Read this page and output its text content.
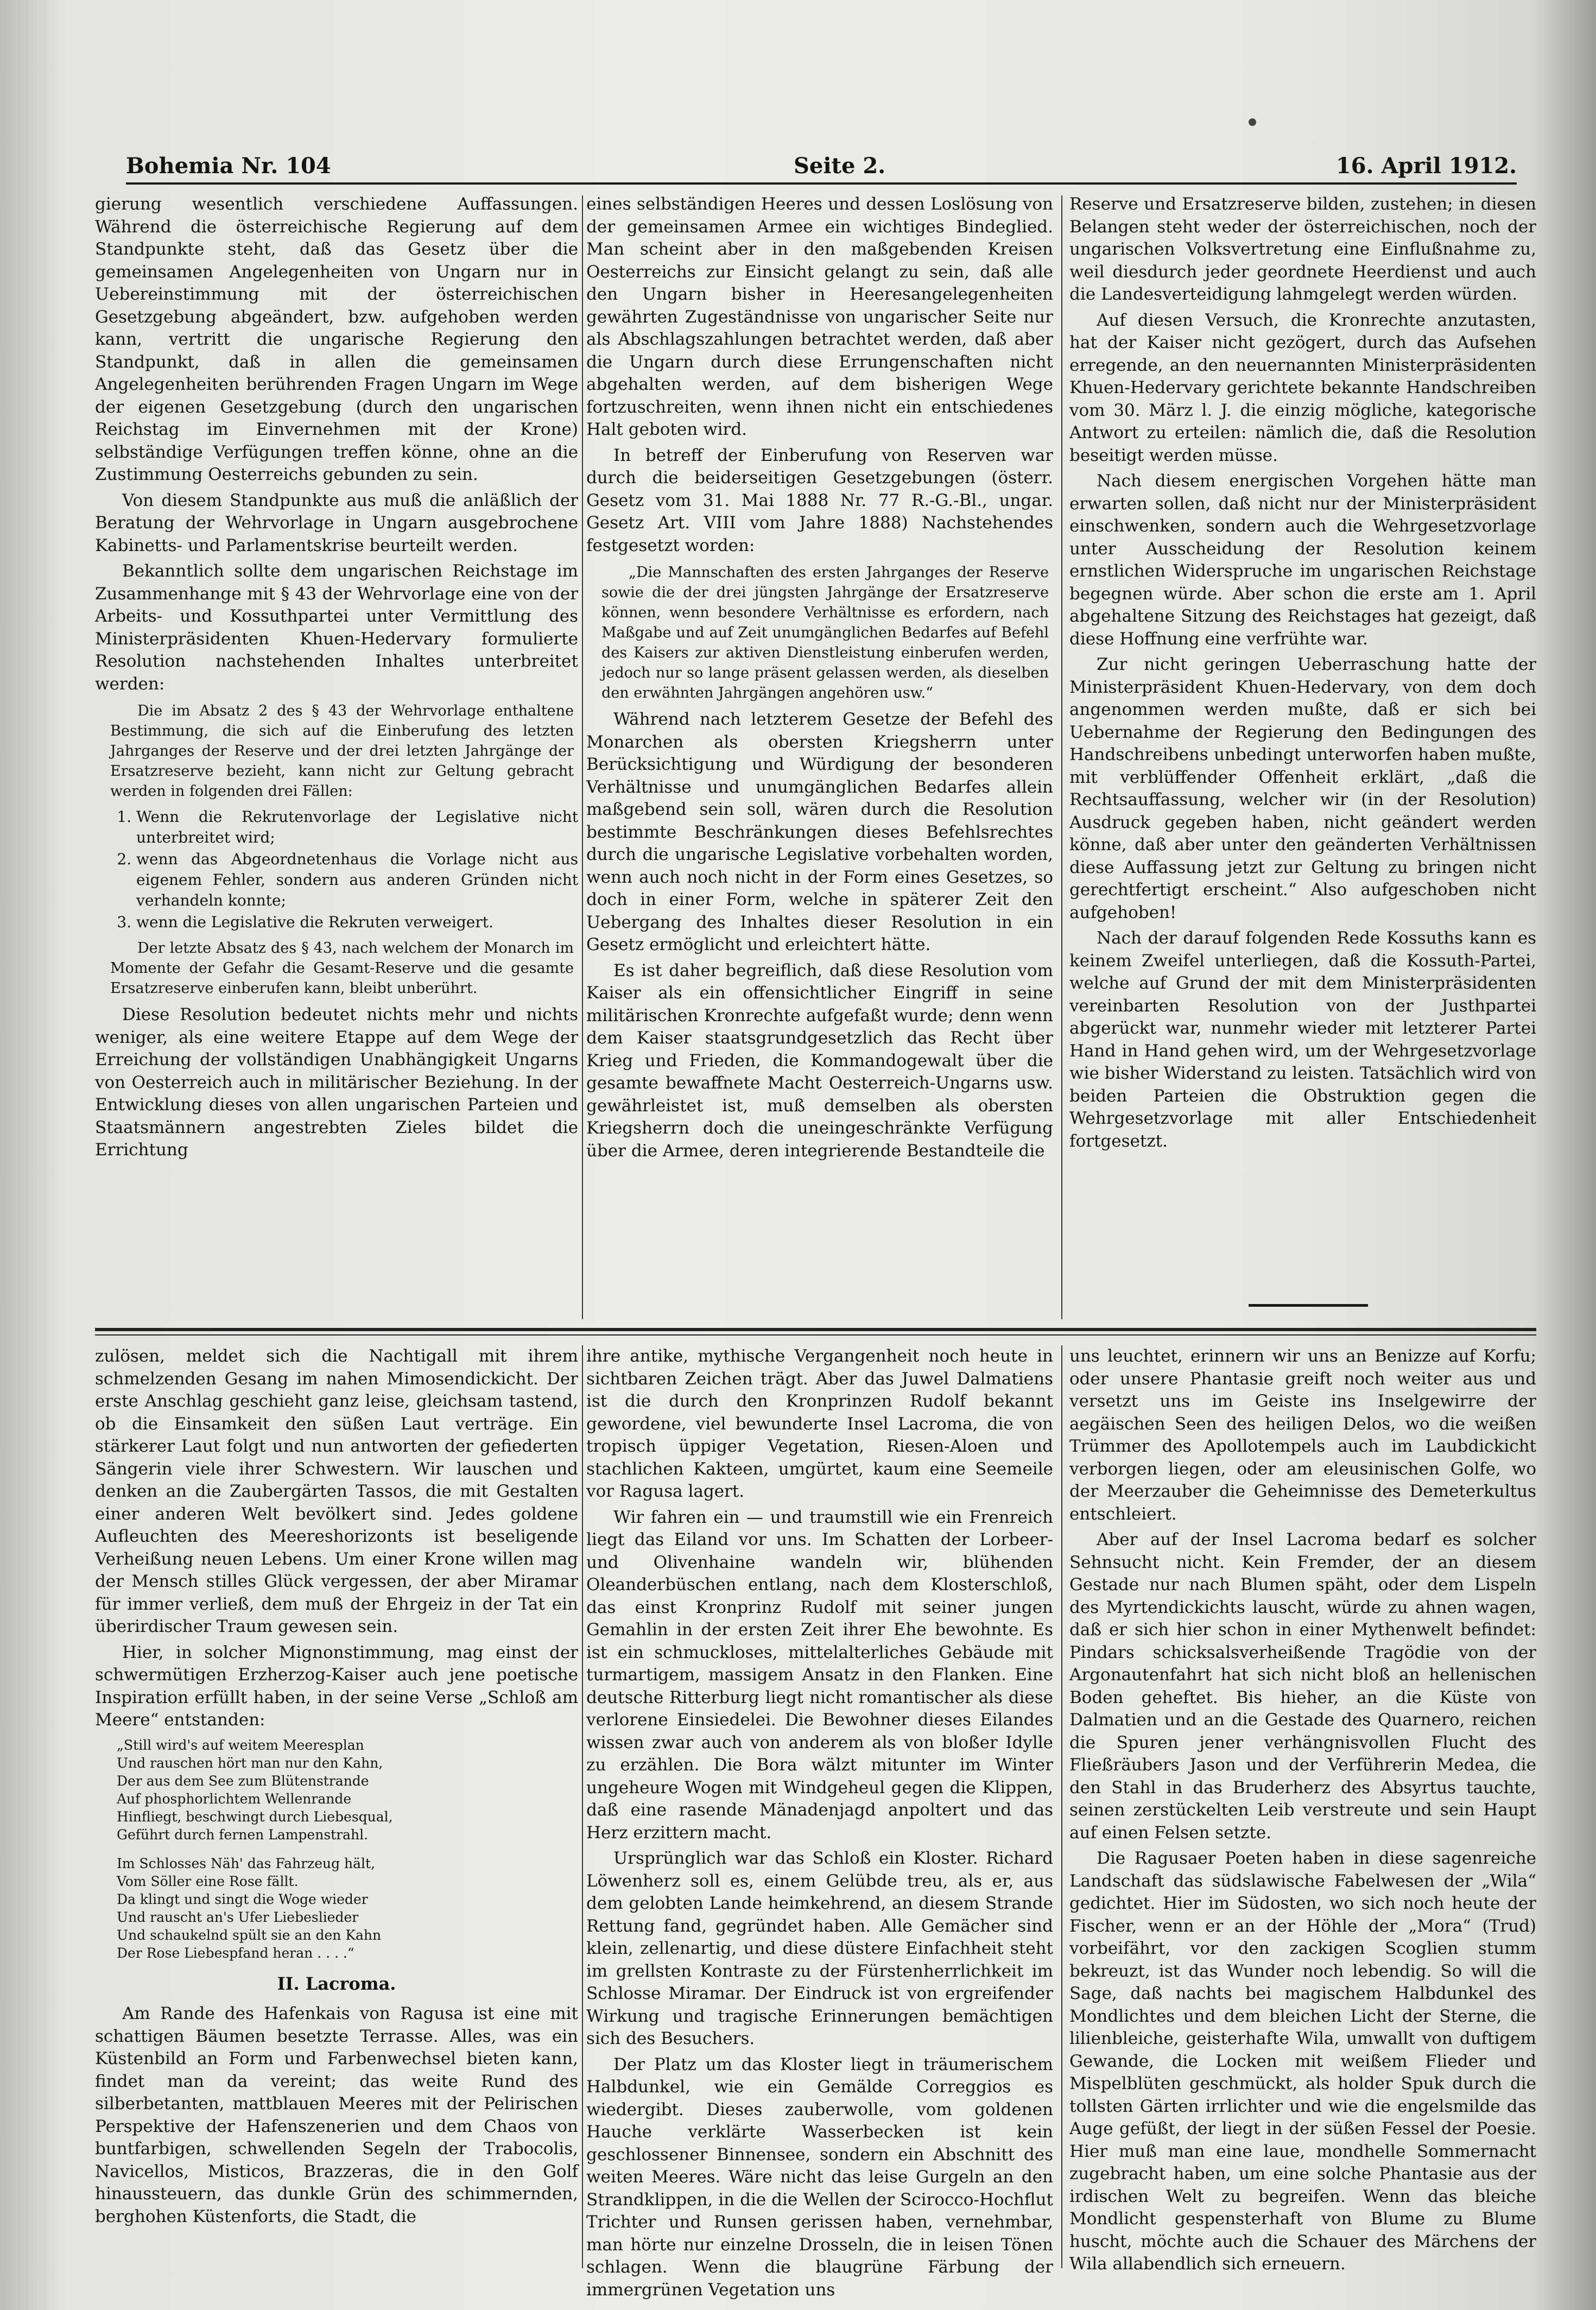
Bohemia Nr. 104	Seite 2.	16. April 1912.

gierung wesentlich verschiedene Auffassungen. Während die österreichische Regierung auf dem Standpunkte steht, daß das Gesetz über die gemeinsamen Angelegenheiten von Ungarn nur in Uebereinstimmung mit der österreichischen Gesetzgebung abgeändert, bzw. aufgehoben werden kann, vertritt die ungarische Regierung den Standpunkt, daß in allen die gemeinsamen Angelegenheiten berührenden Fragen Ungarn im Wege der eigenen Gesetzgebung (durch den ungarischen Reichstag im Einvernehmen mit der Krone) selbständige Verfügungen treffen könne, ohne an die Zustimmung Oesterreichs gebunden zu sein.

Von diesem Standpunkte aus muß die anläßlich der Beratung der Wehrvorlage in Ungarn ausgebrochene Kabinetts- und Parlamentskrise beurteilt werden.

Bekanntlich sollte dem ungarischen Reichstage im Zusammenhange mit § 43 der Wehrvorlage eine von der Arbeits- und Kossuthpartei unter Vermittlung des Ministerpräsidenten Khuen-Hedervary formulierte Resolution nachstehenden Inhaltes unterbreitet werden:

Die im Absatz 2 des § 43 der Wehrvorlage enthaltene Bestimmung, die sich auf die Einberufung des letzten Jahrganges der Reserve und der drei letzten Jahrgänge der Ersatzreserve bezieht, kann nicht zur Geltung gebracht werden in folgenden drei Fällen:
1. Wenn die Rekrutenvorlage der Legislative nicht unterbreitet wird;
2. wenn das Abgeordnetenhaus die Vorlage nicht aus eigenem Fehler, sondern aus anderen Gründen nicht verhandeln konnte;
3. wenn die Legislative die Rekruten verweigert.
Der letzte Absatz des § 43, nach welchem der Monarch im Momente der Gefahr die Gesamt-Reserve und die gesamte Ersatzreserve einberufen kann, bleibt unberührt.

Diese Resolution bedeutet nichts mehr und nichts weniger, als eine weitere Etappe auf dem Wege der Erreichung der vollständigen Unabhängigkeit Ungarns von Oesterreich auch in militärischer Beziehung. In der Entwicklung dieses von allen ungarischen Parteien und Staatsmännern angestrebten Zieles bildet die Errichtung

eines selbständigen Heeres und dessen Loslösung von der gemeinsamen Armee ein wichtiges Bindeglied. Man scheint aber in den maßgebenden Kreisen Oesterreichs zur Einsicht gelangt zu sein, daß alle den Ungarn bisher in Heeresangelegenheiten gewährten Zugeständnisse von ungarischer Seite nur als Abschlagszahlungen betrachtet werden, daß aber die Ungarn durch diese Errungenschaften nicht abgehalten werden, auf dem bisherigen Wege fortzuschreiten, wenn ihnen nicht ein entschiedenes Halt geboten wird.

In betreff der Einberufung von Reserven war durch die beiderseitigen Gesetzgebungen (österr. Gesetz vom 31. Mai 1888 Nr. 77 R.-G.-Bl., ungar. Gesetz Art. VIII vom Jahre 1888) Nachstehendes festgesetzt worden:

„Die Mannschaften des ersten Jahrganges der Reserve sowie die der drei jüngsten Jahrgänge der Ersatzreserve können, wenn besondere Verhältnisse es erfordern, nach Maßgabe und auf Zeit unumgänglichen Bedarfes auf Befehl des Kaisers zur aktiven Dienstleistung einberufen werden, jedoch nur so lange präsent gelassen werden, als dieselben den erwähnten Jahrgängen angehören usw.“

Während nach letzterem Gesetze der Befehl des Monarchen als obersten Kriegsherrn unter Berücksichtigung und Würdigung der besonderen Verhältnisse und unumgänglichen Bedarfes allein maßgebend sein soll, wären durch die Resolution bestimmte Beschränkungen dieses Befehlsrechtes durch die ungarische Legislative vorbehalten worden, wenn auch noch nicht in der Form eines Gesetzes, so doch in einer Form, welche in späterer Zeit den Uebergang des Inhaltes dieser Resolution in ein Gesetz ermöglicht und erleichtert hätte.

Es ist daher begreiflich, daß diese Resolution vom Kaiser als ein offensichtlicher Eingriff in seine militärischen Kronrechte aufgefaßt wurde; denn wenn dem Kaiser staatsgrundgesetzlich das Recht über Krieg und Frieden, die Kommandogewalt über die gesamte bewaffnete Macht Oesterreich-Ungarns usw. gewährleistet ist, muß demselben als obersten Kriegsherrn doch die uneingeschränkte Verfügung über die Armee, deren integrierende Bestandteile die

Reserve und Ersatzreserve bilden, zustehen; in diesen Belangen steht weder der österreichischen, noch der ungarischen Volksvertretung eine Einflußnahme zu, weil diesdurch jeder geordnete Heerdienst und auch die Landesverteidigung lahmgelegt werden würden.

Auf diesen Versuch, die Kronrechte anzutasten, hat der Kaiser nicht gezögert, durch das Aufsehen erregende, an den neuernannten Ministerpräsidenten Khuen-Hedervary gerichtete bekannte Handschreiben vom 30. März l. J. die einzig mögliche, kategorische Antwort zu erteilen: nämlich die, daß die Resolution beseitigt werden müsse.

Nach diesem energischen Vorgehen hätte man erwarten sollen, daß nicht nur der Ministerpräsident einschwenken, sondern auch die Wehrgesetzvorlage unter Ausscheidung der Resolution keinem ernstlichen Widerspruche im ungarischen Reichstage begegnen würde. Aber schon die erste am 1. April abgehaltene Sitzung des Reichstages hat gezeigt, daß diese Hoffnung eine verfrühte war.

Zur nicht geringen Ueberraschung hatte der Ministerpräsident Khuen-Hedervary, von dem doch angenommen werden mußte, daß er sich bei Uebernahme der Regierung den Bedingungen des Handschreibens unbedingt unterworfen haben mußte, mit verblüffender Offenheit erklärt, „daß die Rechtsauffassung, welcher wir (in der Resolution) Ausdruck gegeben haben, nicht geändert werden könne, daß aber unter den geänderten Verhältnissen diese Auffassung jetzt zur Geltung zu bringen nicht gerechtfertigt erscheint.“ Also aufgeschoben nicht aufgehoben!

Nach der darauf folgenden Rede Kossuths kann es keinem Zweifel unterliegen, daß die Kossuth-Partei, welche auf Grund der mit dem Ministerpräsidenten vereinbarten Resolution von der Justhpartei abgerückt war, nunmehr wieder mit letzterer Partei Hand in Hand gehen wird, um der Wehrgesetzvorlage wie bisher Widerstand zu leisten. Tatsächlich wird von beiden Parteien die Obstruktion gegen die Wehrgesetzvorlage mit aller Entschiedenheit fortgesetzt.

zulösen, meldet sich die Nachtigall mit ihrem schmelzenden Gesang im nahen Mimosendickicht. Der erste Anschlag geschieht ganz leise, gleichsam tastend, ob die Einsamkeit den süßen Laut verträge. Ein stärkerer Laut folgt und nun antworten der gefiederten Sängerin viele ihrer Schwestern. Wir lauschen und denken an die Zaubergärten Tassos, die mit Gestalten einer anderen Welt bevölkert sind. Jedes goldene Aufleuchten des Meereshorizonts ist beseligende Verheißung neuen Lebens. Um einer Krone willen mag der Mensch stilles Glück vergessen, der aber Miramar für immer verließ, dem muß der Ehrgeiz in der Tat ein überirdischer Traum gewesen sein.

Hier, in solcher Mignonstimmung, mag einst der schwermütigen Erzherzog-Kaiser auch jene poetische Inspiration erfüllt haben, in der seine Verse „Schloß am Meere“ entstanden:

„Still wird's auf weitem Meeresplan
Und rauschen hört man nur den Kahn,
Der aus dem See zum Blütenstrande
Auf phosphorlichtem Wellenrande
Hinfliegt, beschwingt durch Liebesqual,
Geführt durch fernen Lampenstrahl.
Im Schlosses Näh' das Fahrzeug hält,
Vom Söller eine Rose fällt.
Da klingt und singt die Woge wieder
Und rauscht an's Ufer Liebeslieder
Und schaukelnd spült sie an den Kahn
Der Rose Liebespfand heran . . . .“
II. Lacroma.

Am Rande des Hafenkais von Ragusa ist eine mit schattigen Bäumen besetzte Terrasse. Alles, was ein Küstenbild an Form und Farbenwechsel bieten kann, findet man da vereint; das weite Rund des silberbetanten, mattblauen Meeres mit der Pelirischen Perspektive der Hafenszenerien und dem Chaos von buntfarbigen, schwellenden Segeln der Trabocolis, Navicellos, Misticos, Brazzeras, die in den Golf hinaussteuern, das dunkle Grün des schimmernden, berghohen Küstenforts, die Stadt, die

ihre antike, mythische Vergangenheit noch heute in sichtbaren Zeichen trägt. Aber das Juwel Dalmatiens ist die durch den Kronprinzen Rudolf bekannt gewordene, viel bewunderte Insel Lacroma, die von tropisch üppiger Vegetation, Riesen-Aloen und stachlichen Kakteen, umgürtet, kaum eine Seemeile vor Ragusa lagert.

Wir fahren ein — und traumstill wie ein Frenreich liegt das Eiland vor uns. Im Schatten der Lorbeer- und Olivenhaine wandeln wir, blühenden Oleanderbüschen entlang, nach dem Klosterschloß, das einst Kronprinz Rudolf mit seiner jungen Gemahlin in der ersten Zeit ihrer Ehe bewohnte. Es ist ein schmuckloses, mittelalterliches Gebäude mit turmartigem, massigem Ansatz in den Flanken. Eine deutsche Ritterburg liegt nicht romantischer als diese verlorene Einsiedelei. Die Bewohner dieses Eilandes wissen zwar auch von anderem als von bloßer Idylle zu erzählen. Die Bora wälzt mitunter im Winter ungeheure Wogen mit Windgeheul gegen die Klippen, daß eine rasende Mänadenjagd anpoltert und das Herz erzittern macht.

Ursprünglich war das Schloß ein Kloster. Richard Löwenherz soll es, einem Gelübde treu, als er, aus dem gelobten Lande heimkehrend, an diesem Strande Rettung fand, gegründet haben. Alle Gemächer sind klein, zellenartig, und diese düstere Einfachheit steht im grellsten Kontraste zu der Fürstenherrlichkeit im Schlosse Miramar. Der Eindruck ist von ergreifender Wirkung und tragische Erinnerungen bemächtigen sich des Besuchers.

Der Platz um das Kloster liegt in träumerischem Halbdunkel, wie ein Gemälde Correggios es wiedergibt. Dieses zauberwolle, vom goldenen Hauche verklärte Wasserbecken ist kein geschlossener Binnensee, sondern ein Abschnitt des weiten Meeres. Wäre nicht das leise Gurgeln an den Strandklippen, in die die Wellen der Scirocco-Hochflut Trichter und Runsen gerissen haben, vernehmbar, man hörte nur einzelne Drosseln, die in leisen Tönen schlagen. Wenn die blaugrüne Färbung der immergrünen Vegetation uns

uns leuchtet, erinnern wir uns an Benizze auf Korfu; oder unsere Phantasie greift noch weiter aus und versetzt uns im Geiste ins Inselgewirre der aegäischen Seen des heiligen Delos, wo die weißen Trümmer des Apollotempels auch im Laubdickicht verborgen liegen, oder am eleusinischen Golfe, wo der Meerzauber die Geheimnisse des Demeterkultus entschleiert.

Aber auf der Insel Lacroma bedarf es solcher Sehnsucht nicht. Kein Fremder, der an diesem Gestade nur nach Blumen späht, oder dem Lispeln des Myrtendickichts lauscht, würde zu ahnen wagen, daß er sich hier schon in einer Mythenwelt befindet: Pindars schicksalsverheißende Tragödie von der Argonautenfahrt hat sich nicht bloß an hellenischen Boden geheftet. Bis hieher, an die Küste von Dalmatien und an die Gestade des Quarnero, reichen die Spuren jener verhängnisvollen Flucht des Fließräubers Jason und der Verführerin Medea, die den Stahl in das Bruderherz des Absyrtus tauchte, seinen zerstückelten Leib verstreute und sein Haupt auf einen Felsen setzte.

Die Ragusaer Poeten haben in diese sagenreiche Landschaft das südslawische Fabelwesen der „Wila“ gedichtet. Hier im Südosten, wo sich noch heute der Fischer, wenn er an der Höhle der „Mora“ (Trud) vorbeifährt, vor den zackigen Scoglien stumm bekreuzt, ist das Wunder noch lebendig. So will die Sage, daß nachts bei magischem Halbdunkel des Mondlichtes und dem bleichen Licht der Sterne, die lilienbleiche, geisterhafte Wila, umwallt von duftigem Gewande, die Locken mit weißem Flieder und Mispelblüten geschmückt, als holder Spuk durch die tollsten Gärten irrlichter und wie die engelsmilde das Auge gefüßt, der liegt in der süßen Fessel der Poesie. Hier muß man eine laue, mondhelle Sommernacht zugebracht haben, um eine solche Phantasie aus der irdischen Welt zu begreifen. Wenn das bleiche Mondlicht gespensterhaft von Blume zu Blume huscht, möchte auch die Schauer des Märchens der Wila allabendlich sich erneuern.
